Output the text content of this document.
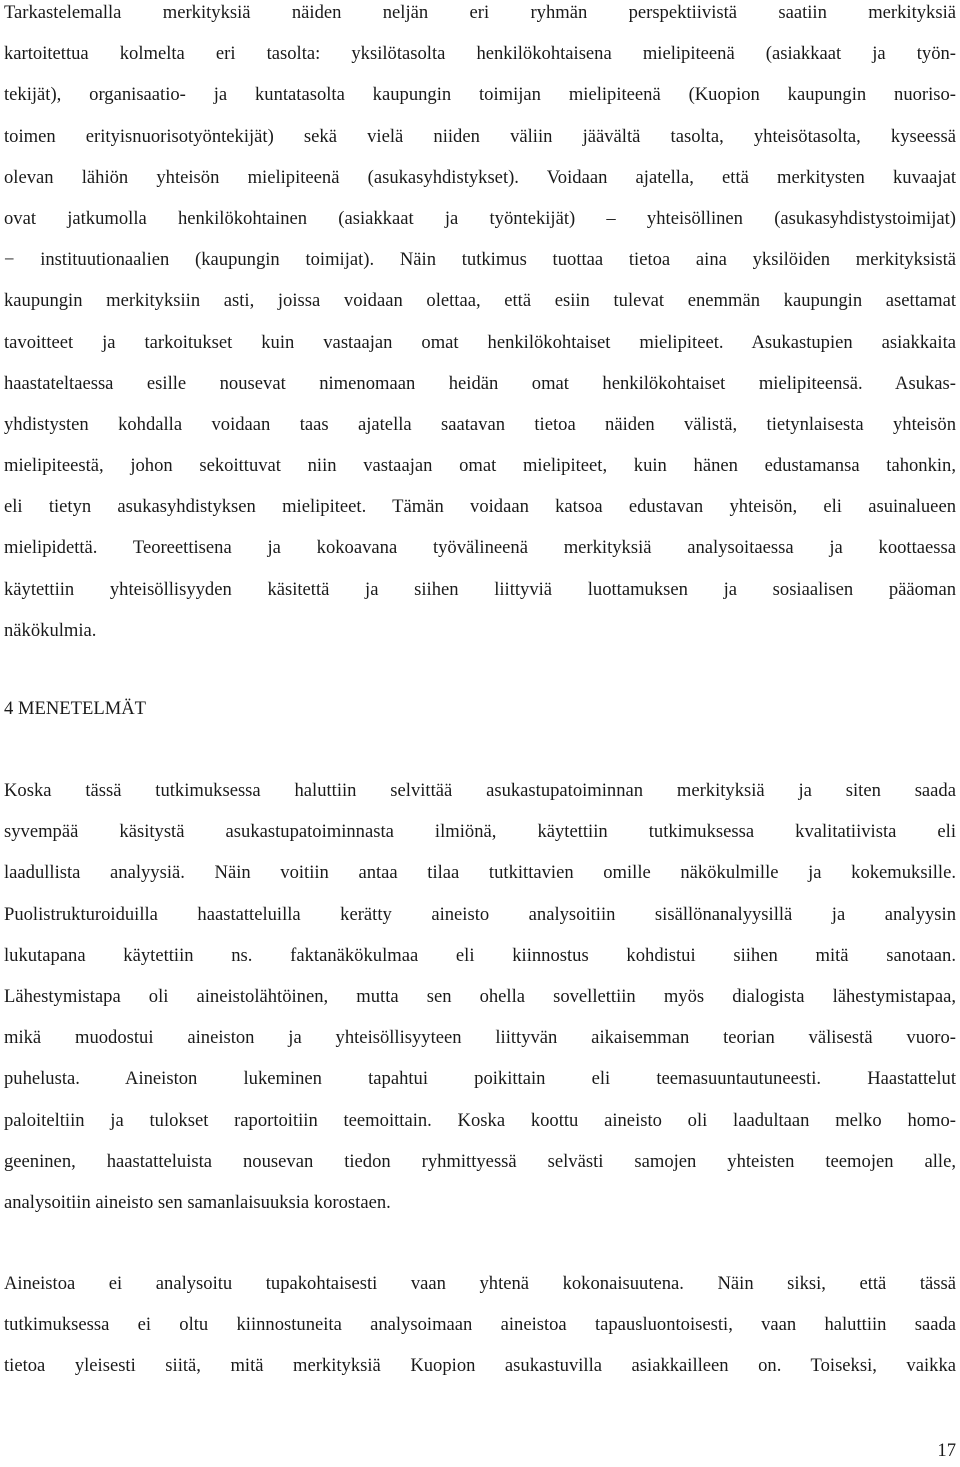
Tarkastelemalla merkityksiä näiden neljän eri ryhmän perspektiivistä saatiin merkityksiä
kartoitettua kolmelta eri tasolta: yksilötasolta henkilökohtaisena mielipiteenä (asiakkaat ja työn-
tekijät), organisaatio- ja kuntatasolta kaupungin toimijan mielipiteenä (Kuopion kaupungin nuoriso-
toimen erityisnuorisotyöntekijät) sekä vielä niiden väliin jäävältä tasolta, yhteisötasolta, kyseessä
olevan lähiön yhteisön mielipiteenä (asukasyhdistykset). Voidaan ajatella, että merkitysten kuvaajat
ovat jatkumolla henkilökohtainen (asiakkaat ja työntekijät) – yhteisöllinen (asukasyhdistystoimijat)
− instituutionaalien (kaupungin toimijat). Näin tutkimus tuottaa tietoa aina yksilöiden merkityksistä
kaupungin merkityksiin asti, joissa voidaan olettaa, että esiin tulevat enemmän kaupungin asettamat
tavoitteet ja tarkoitukset kuin vastaajan omat henkilökohtaiset mielipiteet. Asukastupien asiakkaita
haastateltaessa esille nousevat nimenomaan heidän omat henkilökohtaiset mielipiteensä. Asukas-
yhdistysten kohdalla voidaan taas ajatella saatavan tietoa näiden välistä, tietynlaisesta yhteisön
mielipiteestä, johon sekoittuvat niin vastaajan omat mielipiteet, kuin hänen edustamansa tahonkin,
eli tietyn asukasyhdistyksen mielipiteet. Tämän voidaan katsoa edustavan yhteisön, eli asuinalueen
mielipidettä. Teoreettisena ja kokoavana työvälineenä merkityksiä analysoitaessa ja koottaessa
käytettiin yhteisöllisyyden käsitettä ja siihen liittyviä luottamuksen ja sosiaalisen pääoman
näkökulmia.
4 MENETELMÄT
Koska tässä tutkimuksessa haluttiin selvittää asukastupatoiminnan merkityksiä ja siten saada
syvempää käsitystä asukastupatoiminnasta ilmiönä, käytettiin tutkimuksessa kvalitatiivista eli
laadullista analyysiä. Näin voitiin antaa tilaa tutkittavien omille näkökulmille ja kokemuksille.
Puolistrukturoiduilla haastatteluilla kerätty aineisto analysoitiin sisällönanalyysillä ja analyysin
lukutapana käytettiin ns. faktanäkökulmaa eli kiinnostus kohdistui siihen mitä sanotaan.
Lähestymistapa oli aineistolähtöinen, mutta sen ohella sovellettiin myös dialogista lähestymistapaa,
mikä muodostui aineiston ja yhteisöllisyyteen liittyvän aikaisemman teorian välisestä vuoro-
puhelusta. Aineiston lukeminen tapahtui poikittain eli teemasuuntautuneesti. Haastattelut
paloiteltiin ja tulokset raportoitiin teemoittain. Koska koottu aineisto oli laadultaan melko homo-
geeninen, haastatteluista nousevan tiedon ryhmittyessä selvästi samojen yhteisten teemojen alle,
analysoitiin aineisto sen samanlaisuuksia korostaen.
Aineistoa ei analysoitu tupakohtaisesti vaan yhtenä kokonaisuutena. Näin siksi, että tässä
tutkimuksessa ei oltu kiinnostuneita analysoimaan aineistoa tapausluontoisesti, vaan haluttiin saada
tietoa yleisesti siitä, mitä merkityksiä Kuopion asukastuvilla asiakkailleen on. Toiseksi, vaikka
17
